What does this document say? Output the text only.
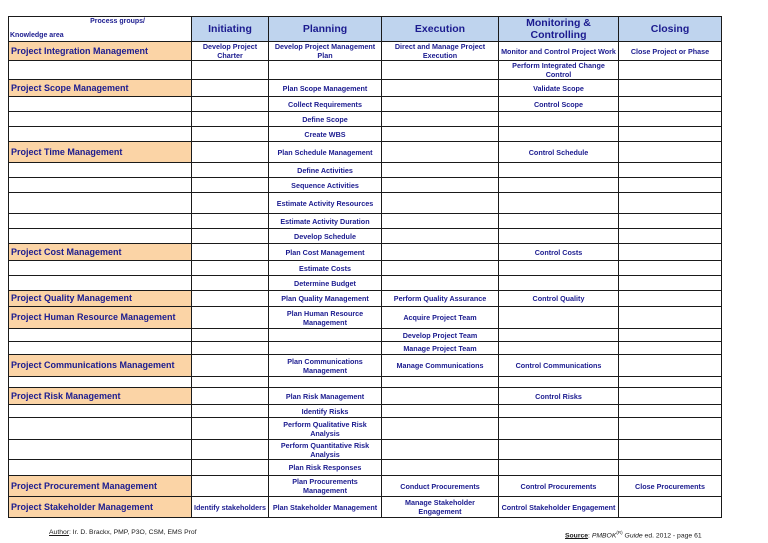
Process groups/
Knowledge area	Initiating	Planning	Execution	Monitoring & Controlling	Closing
Project Integration Management	Develop Project Charter	Develop Project Management Plan	Direct and Manage Project Execution	Monitor and Control Project Work	Close Project or Phase
				Perform Integrated Change Control	
Project Scope Management		Plan Scope Management		Validate Scope	
		Collect Requirements		Control Scope	
		Define Scope			
		Create WBS			
Project Time Management		Plan Schedule Management		Control Schedule	
		Define Activities			
		Sequence Activities			
		Estimate Activity Resources			
		Estimate Activity Duration			
		Develop Schedule			
Project Cost Management		Plan Cost Management		Control Costs	
		Estimate Costs			
		Determine Budget			
Project Quality Management		Plan Quality Management	Perform Quality Assurance	Control Quality	
Project Human Resource Management		Plan Human Resource Management	Acquire Project Team		
			Develop Project Team		
			Manage Project Team		
Project Communications Management		Plan Communications Management	Manage Communications	Control Communications	

Project Risk Management		Plan Risk Management		Control Risks	
		Identify Risks			
		Perform Qualitative Risk Analysis			
		Perform Quantitative Risk Analysis			
		Plan Risk Responses			
Project Procurement Management		Plan Procurements Management	Conduct Procurements	Control Procurements	Close Procurements
Project Stakeholder Management	Identify stakeholders	Plan Stakeholder Management	Manage Stakeholder Engagement	Control Stakeholder Engagement	
Author: Ir. D. Brackx, PMP, P3O, CSM, EMS Prof	Source: $PMBOK^{(R)}$ Guide ed. 2012 - page 61
